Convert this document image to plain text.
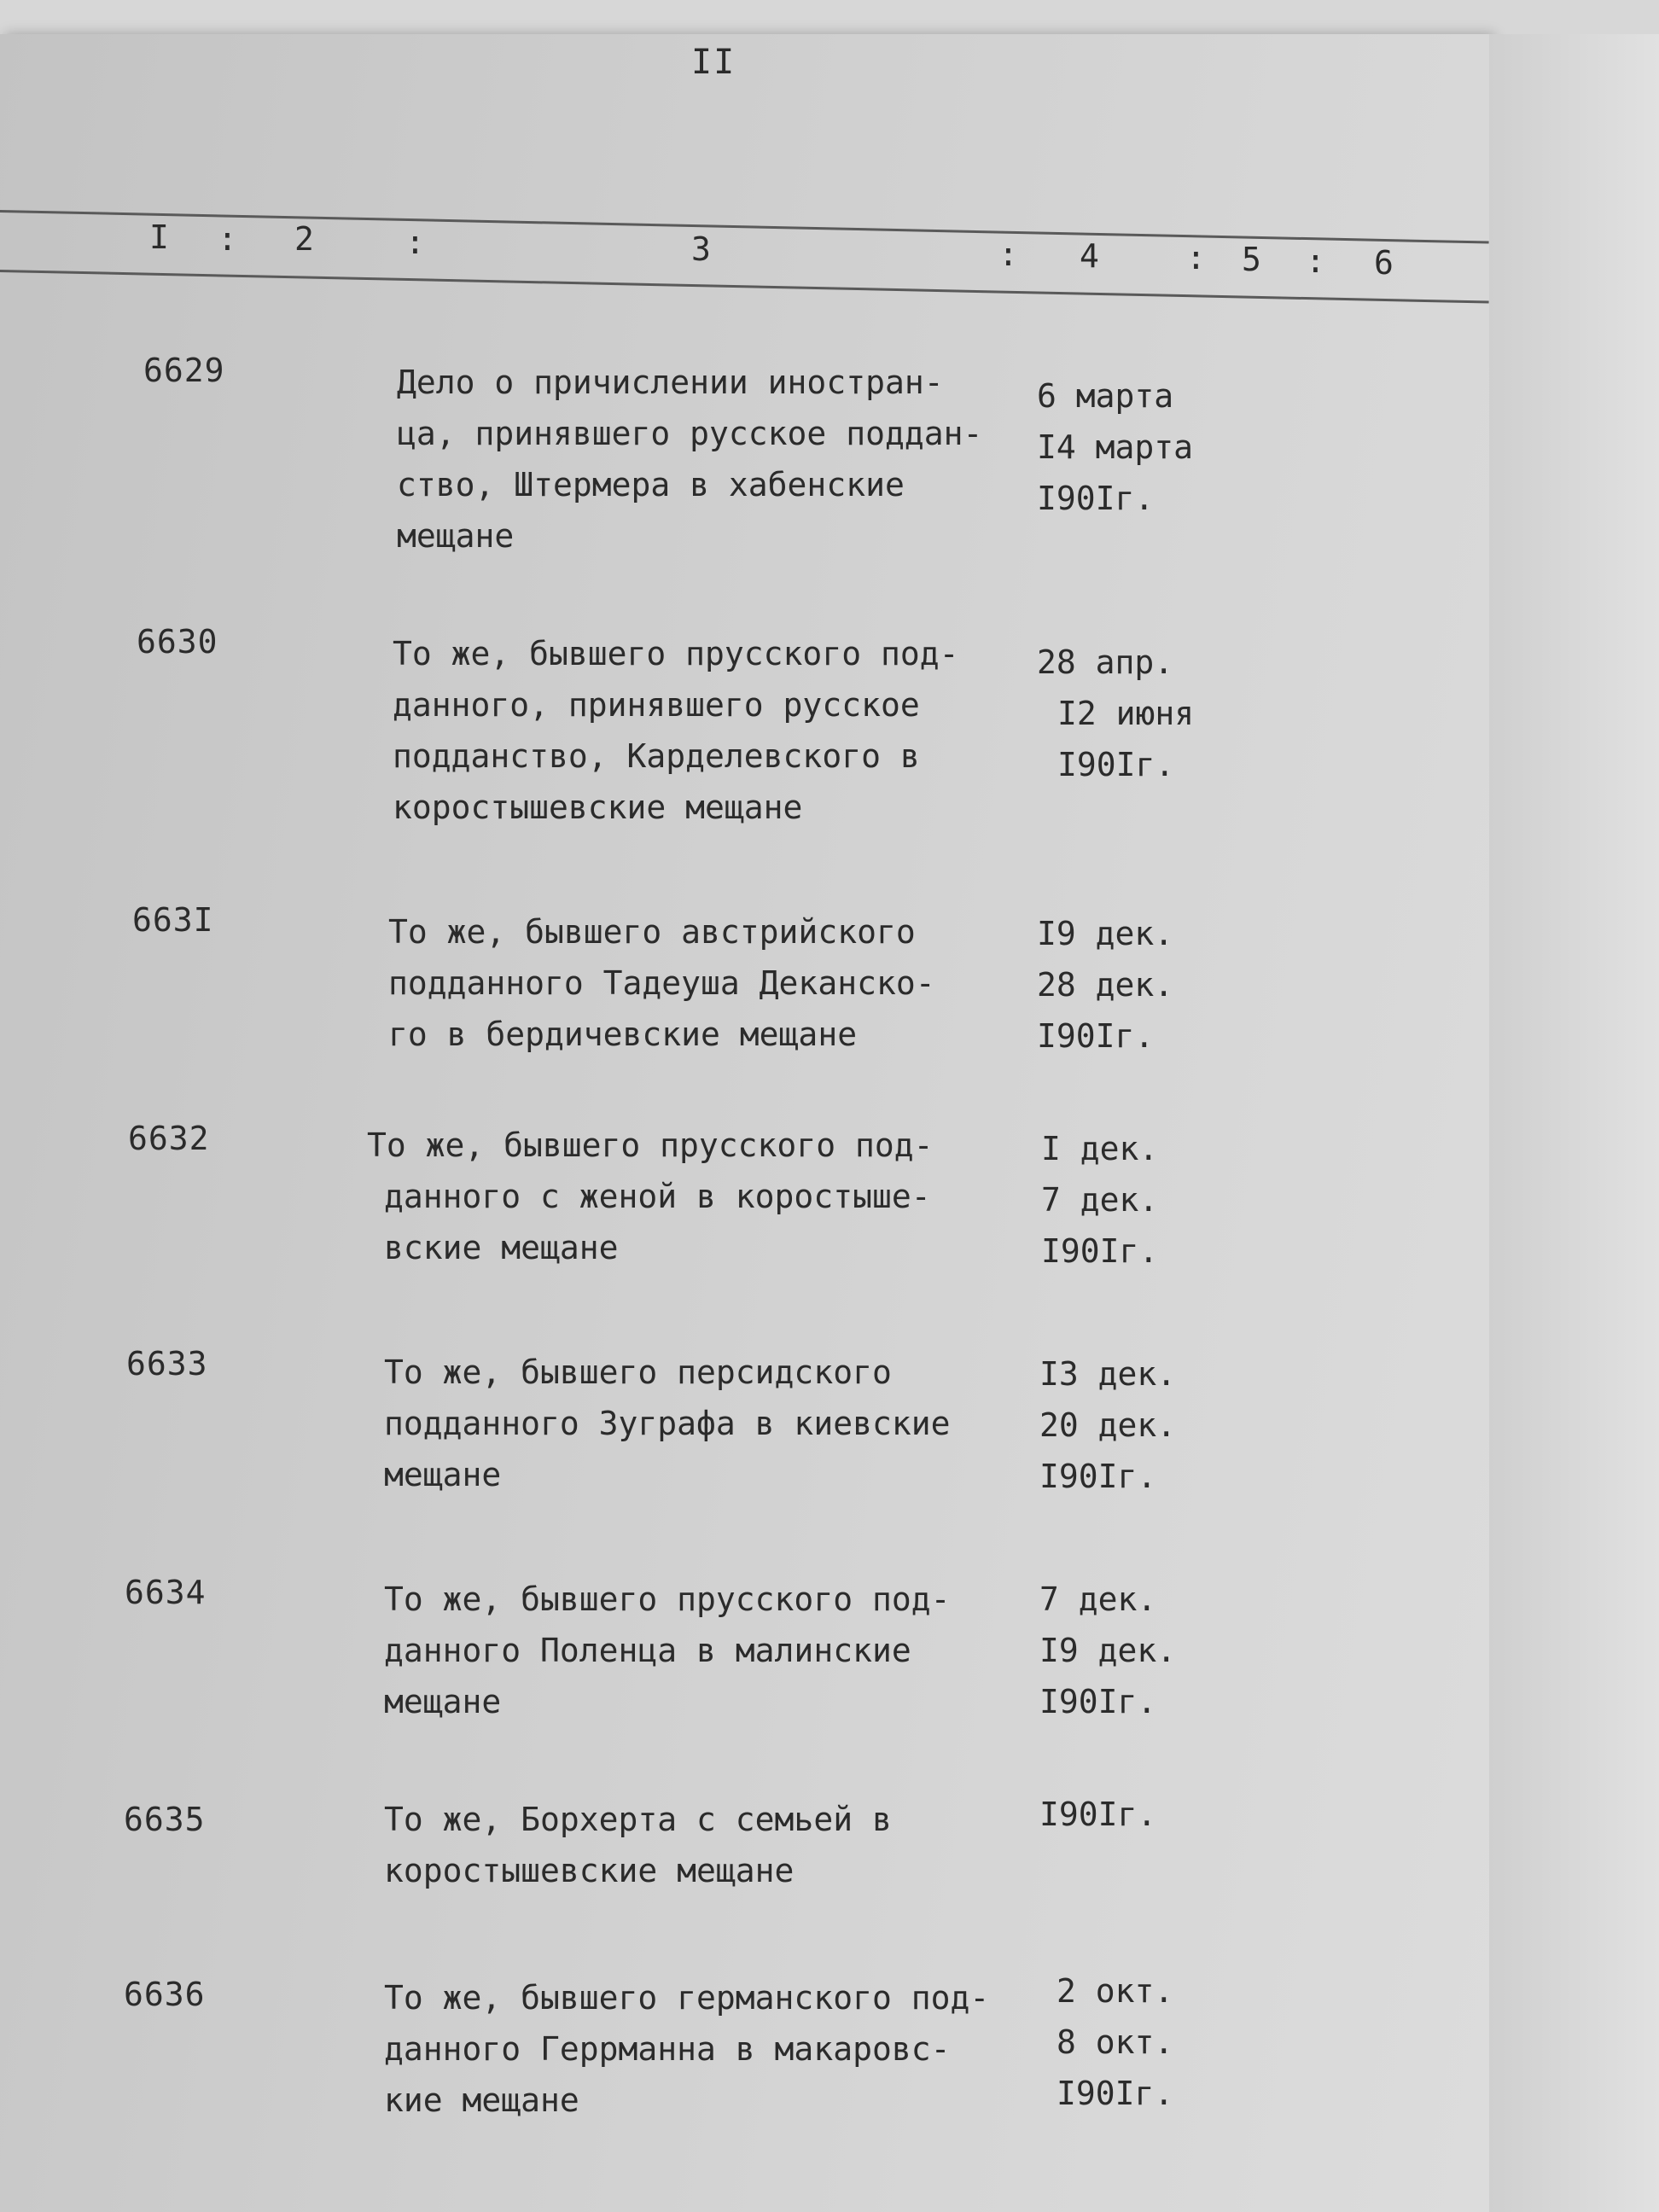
II
I : 2	:	3	: 4	: 5 : 6
6629	Дело о причислении иностран-
ца, принявшего русское поддан-
ство, Штермера в хабенские
мещане
6 марта
I4 марта
I90Iг.
6630	То же, бывшего прусского под-
данного, принявшего русское
подданство, Карделевского в
коростышевские мещане
28 апр.
I2 июня
I90Iг.
663I	То же, бывшего австрийского
подданного Тадеуша Деканско-
го в бердичевские мещане
I9 дек.
28 дек.
I90Iг.
6632	То же, бывшего прусского под-
данного с женой в коростыше-
вские мещане
I дек.
7 дек.
I90Iг.
6633	То же, бывшего персидского
подданного Зуграфа в киевские
мещане
I3 дек.
20 дек.
I90Iг.
6634	То же, бывшего прусского под-
данного Поленца в малинские
мещане
7 дек.
I9 дек.
I90Iг.
6635	То же, Борхерта с семьей в
коростышевские мещане
I90Iг.
6636	То же, бывшего германского под-
данного Геррманна в макаровс-
кие мещане
2 окт.
8 окт.
I90Iг.
